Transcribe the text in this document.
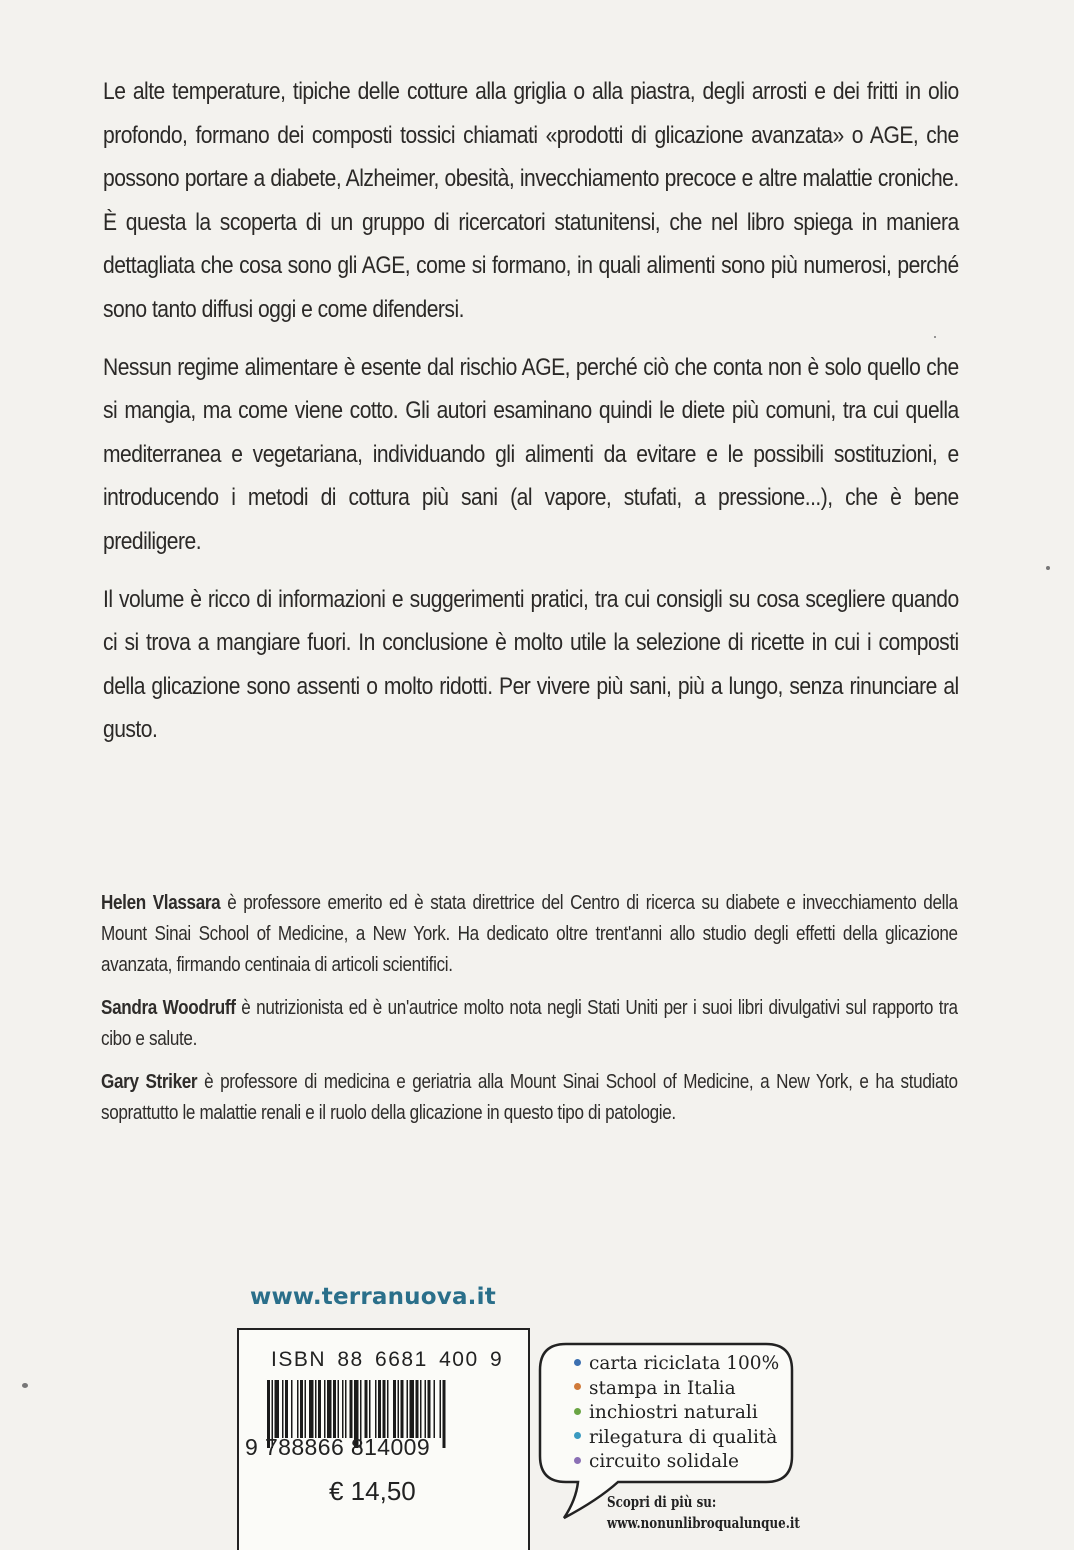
Le alte temperature, tipiche delle cotture alla griglia o alla piastra, degli arrosti e dei fritti in olio profondo, formano dei composti tossici chiamati «prodotti di glicazione avanzata» o AGE, che possono portare a diabete, Alzheimer, obesità, invecchiamento precoce e altre malattie croniche. È questa la scoperta di un gruppo di ricercatori statunitensi, che nel libro spiega in maniera dettagliata che cosa sono gli AGE, come si formano, in quali alimenti sono più numerosi, perché sono tanto diffusi oggi e come difendersi.

Nessun regime alimentare è esente dal rischio AGE, perché ciò che conta non è solo quello che si mangia, ma come viene cotto. Gli autori esaminano quindi le diete più comuni, tra cui quella mediterranea e vegetariana, individuando gli alimenti da evitare e le possibili sostituzioni, e introducendo i metodi di cottura più sani (al vapore, stufati, a pressione...), che è bene prediligere.

Il volume è ricco di informazioni e suggerimenti pratici, tra cui consigli su cosa scegliere quando ci si trova a mangiare fuori. In conclusione è molto utile la selezione di ricette in cui i composti della glicazione sono assenti o molto ridotti. Per vivere più sani, più a lungo, senza rinunciare al gusto.

Helen Vlassara è professore emerito ed è stata direttrice del Centro di ricerca su diabete e invecchiamento della Mount Sinai School of Medicine, a New York. Ha dedicato oltre trent'anni allo studio degli effetti della glicazione avanzata, firmando centinaia di articoli scientifici.

Sandra Woodruff è nutrizionista ed è un'autrice molto nota negli Stati Uniti per i suoi libri divulgativi sul rapporto tra cibo e salute.

Gary Striker è professore di medicina e geriatria alla Mount Sinai School of Medicine, a New York, e ha studiato soprattutto le malattie renali e il ruolo della glicazione in questo tipo di patologie.

www.terranuova.it
ISBN 88 6681 400 9
9 788866 814009
€ 14,50
carta riciclata 100%
stampa in Italia
inchiostri naturali
rilegatura di qualità
circuito solidale
Scopri di più su:
www.nonunlibroqualunque.it
